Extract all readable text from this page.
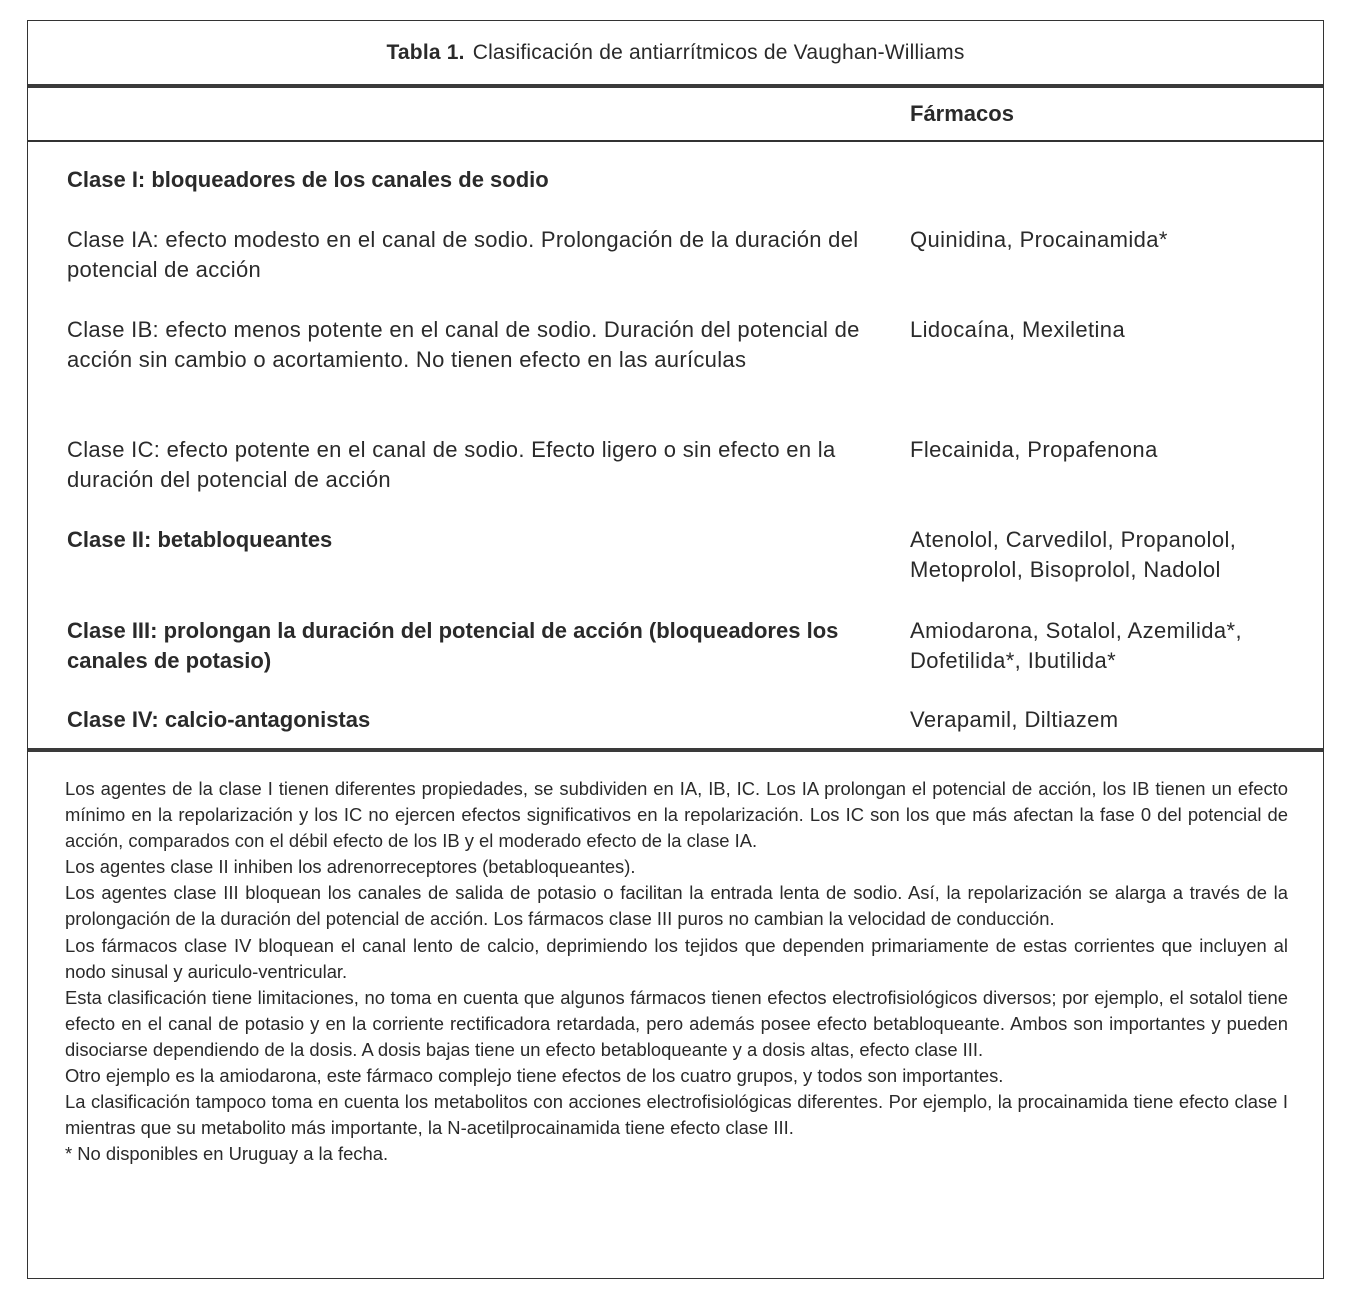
Tabla 1. Clasificación de antiarrítmicos de Vaughan-Williams
Fármacos
Clase I: bloqueadores de los canales de sodio
Clase IA: efecto modesto en el canal de sodio. Prolongación de la duración del potencial de acción
Quinidina, Procainamida*
Clase IB: efecto menos potente en el canal de sodio. Duración del potencial de acción sin cambio o acortamiento. No tienen efecto en las aurículas
Lidocaína, Mexiletina
Clase IC: efecto potente en el canal de sodio. Efecto ligero o sin efecto en la duración del potencial de acción
Flecainida, Propafenona
Clase II: betabloqueantes	Atenolol, Carvedilol, Propanolol, Metoprolol, Bisoprolol, Nadolol
Clase III: prolongan la duración del potencial de acción (bloqueadores los canales de potasio)
Amiodarona, Sotalol, Azemilida*, Dofetilida*, Ibutilida*
Clase IV: calcio-antagonistas	Verapamil, Diltiazem

Los agentes de la clase I tienen diferentes propiedades, se subdividen en IA, IB, IC. Los IA prolongan el potencial de acción, los IB tienen un efecto mínimo en la repolarización y los IC no ejercen efectos significativos en la repolarización. Los IC son los que más afectan la fase 0 del potencial de acción, comparados con el débil efecto de los IB y el moderado efecto de la clase IA.

Los agentes clase II inhiben los adrenorreceptores (betabloqueantes).

Los agentes clase III bloquean los canales de salida de potasio o facilitan la entrada lenta de sodio. Así, la repolarización se alarga a través de la prolongación de la duración del potencial de acción. Los fármacos clase III puros no cambian la velocidad de conducción.

Los fármacos clase IV bloquean el canal lento de calcio, deprimiendo los tejidos que dependen primariamente de estas corrientes que incluyen al nodo sinusal y auriculo-ventricular.

Esta clasificación tiene limitaciones, no toma en cuenta que algunos fármacos tienen efectos electrofisiológicos diversos; por ejemplo, el sotalol tiene efecto en el canal de potasio y en la corriente rectificadora retardada, pero además posee efecto betabloqueante. Ambos son importantes y pueden disociarse dependiendo de la dosis. A dosis bajas tiene un efecto betabloqueante y a dosis altas, efecto clase III.

Otro ejemplo es la amiodarona, este fármaco complejo tiene efectos de los cuatro grupos, y todos son importantes.

La clasificación tampoco toma en cuenta los metabolitos con acciones electrofisiológicas diferentes. Por ejemplo, la procainamida tiene efecto clase I mientras que su metabolito más importante, la N-acetilprocainamida tiene efecto clase III.

* No disponibles en Uruguay a la fecha.
